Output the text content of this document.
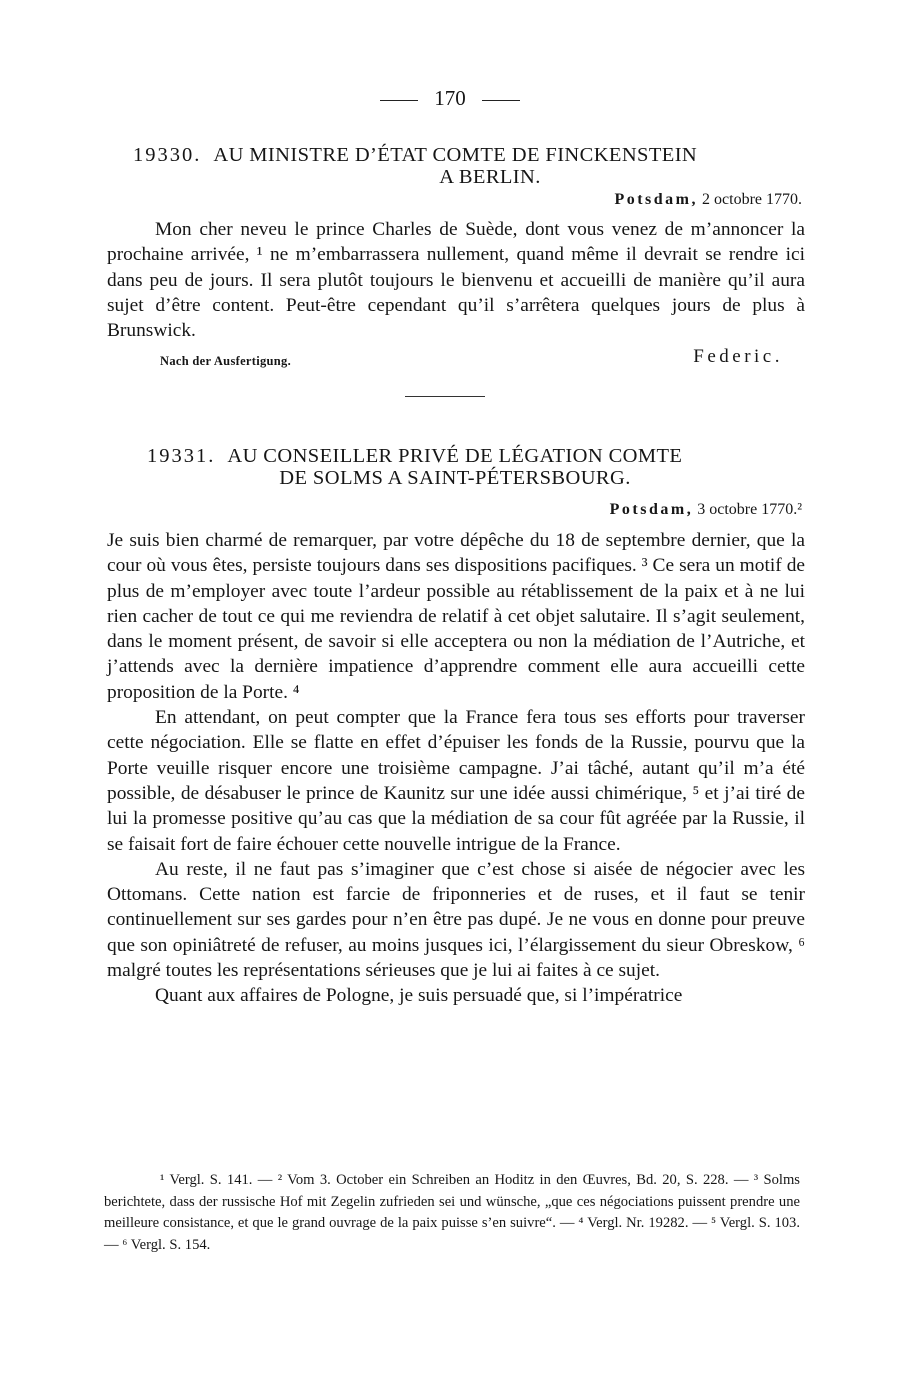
170
19330. AU MINISTRE D’ÉTAT COMTE DE FINCKENSTEIN
A BERLIN.
Potsdam, 2 octobre 1770.

Mon cher neveu le prince Charles de Suède, dont vous venez de m’annoncer la prochaine arrivée, ¹ ne m’embarrassera nullement, quand même il devrait se rendre ici dans peu de jours. Il sera plutôt toujours le bienvenu et accueilli de manière qu’il aura sujet d’être content. Peut-être cependant qu’il s’arrêtera quelques jours de plus à Brunswick.

Nach der Ausfertigung.	Federic.
19331. AU CONSEILLER PRIVÉ DE LÉGATION COMTE
DE SOLMS A SAINT-PÉTERSBOURG.
Potsdam, 3 octobre 1770.²

Je suis bien charmé de remarquer, par votre dépêche du 18 de septembre dernier, que la cour où vous êtes, persiste toujours dans ses dispositions pacifiques. ³ Ce sera un motif de plus de m’employer avec toute l’ardeur possible au rétablissement de la paix et à ne lui rien cacher de tout ce qui me reviendra de relatif à cet objet salutaire. Il s’agit seulement, dans le moment présent, de savoir si elle acceptera ou non la médiation de l’Autriche, et j’attends avec la dernière impatience d’apprendre comment elle aura accueilli cette proposition de la Porte. ⁴

En attendant, on peut compter que la France fera tous ses efforts pour traverser cette négociation. Elle se flatte en effet d’épuiser les fonds de la Russie, pourvu que la Porte veuille risquer encore une troisième campagne. J’ai tâché, autant qu’il m’a été possible, de désabuser le prince de Kaunitz sur une idée aussi chimérique, ⁵ et j’ai tiré de lui la promesse positive qu’au cas que la médiation de sa cour fût agréée par la Russie, il se faisait fort de faire échouer cette nouvelle intrigue de la France.

Au reste, il ne faut pas s’imaginer que c’est chose si aisée de négocier avec les Ottomans. Cette nation est farcie de friponneries et de ruses, et il faut se tenir continuellement sur ses gardes pour n’en être pas dupé. Je ne vous en donne pour preuve que son opiniâtreté de refuser, au moins jusques ici, l’élargissement du sieur Obreskow, ⁶ malgré toutes les représentations sérieuses que je lui ai faites à ce sujet.

Quant aux affaires de Pologne, je suis persuadé que, si l’impératrice

¹ Vergl. S. 141. — ² Vom 3. October ein Schreiben an Hoditz in den Œuvres, Bd. 20, S. 228. — ³ Solms berichtete, dass der russische Hof mit Zegelin zufrieden sei und wünsche, „que ces négociations puissent prendre une meilleure consistance, et que le grand ouvrage de la paix puisse s’en suivre“. — ⁴ Vergl. Nr. 19282. — ⁵ Vergl. S. 103. — ⁶ Vergl. S. 154.
